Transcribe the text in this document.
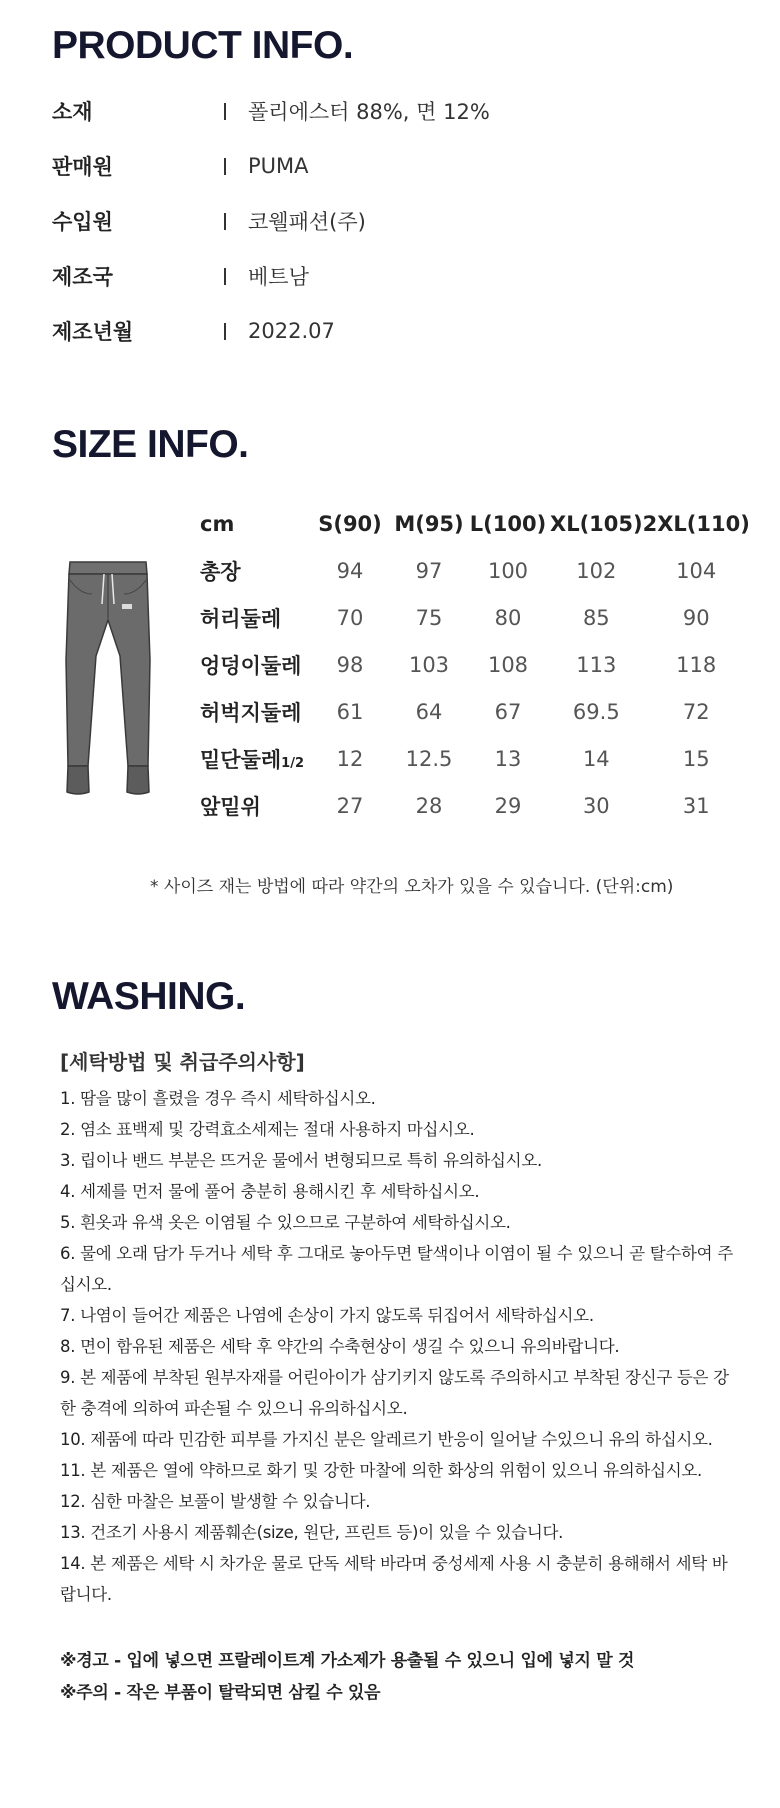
PRODUCT INFO.
소재	폴리에스터 88%, 면 12%
판매원	PUMA
수입원	코웰패션(주)
제조국	베트남
제조년월	2022.07
SIZE INFO.
cm	S(90)	M(95)	L(100)	XL(105)	2XL(110)
총장	94	97	100	102	104
허리둘레	70	75	80	85	90
엉덩이둘레	98	103	108	113	118
허벅지둘레	61	64	67	69.5	72
밑단둘레1/2	12	12.5	13	14	15
앞밑위	27	28	29	30	31
* 사이즈 재는 방법에 따라 약간의 오차가 있을 수 있습니다. (단위:cm)
WASHING.
[세탁방법 및 취급주의사항]
1. 땀을 많이 흘렸을 경우 즉시 세탁하십시오.
2. 염소 표백제 및 강력효소세제는 절대 사용하지 마십시오.
3. 립이나 밴드 부분은 뜨거운 물에서 변형되므로 특히 유의하십시오.
4. 세제를 먼저 물에 풀어 충분히 용해시킨 후 세탁하십시오.
5. 흰옷과 유색 옷은 이염될 수 있으므로 구분하여 세탁하십시오.
6. 물에 오래 담가 두거나 세탁 후 그대로 놓아두면 탈색이나 이염이 될 수 있으니 곧 탈수하여 주십시오.
7. 나염이 들어간 제품은 나염에 손상이 가지 않도록 뒤집어서 세탁하십시오.
8. 면이 함유된 제품은 세탁 후 약간의 수축현상이 생길 수 있으니 유의바랍니다.
9. 본 제품에 부착된 원부자재를 어린아이가 삼기키지 않도록 주의하시고 부착된 장신구 등은 강한 충격에 의하여 파손될 수 있으니 유의하십시오.
10. 제품에 따라 민감한 피부를 가지신 분은 알레르기 반응이 일어날 수있으니 유의 하십시오.
11. 본 제품은 열에 약하므로 화기 및 강한 마찰에 의한 화상의 위험이 있으니 유의하십시오.
12. 심한 마찰은 보풀이 발생할 수 있습니다.
13. 건조기 사용시 제품훼손(size, 원단, 프린트 등)이 있을 수 있습니다.
14. 본 제품은 세탁 시 차가운 물로 단독 세탁 바라며 중성세제 사용 시 충분히 용해해서 세탁 바랍니다.
※경고 - 입에 넣으면 프랄레이트계 가소제가 용출될 수 있으니 입에 넣지 말 것
※주의 - 작은 부품이 탈락되면 삼킬 수 있음
